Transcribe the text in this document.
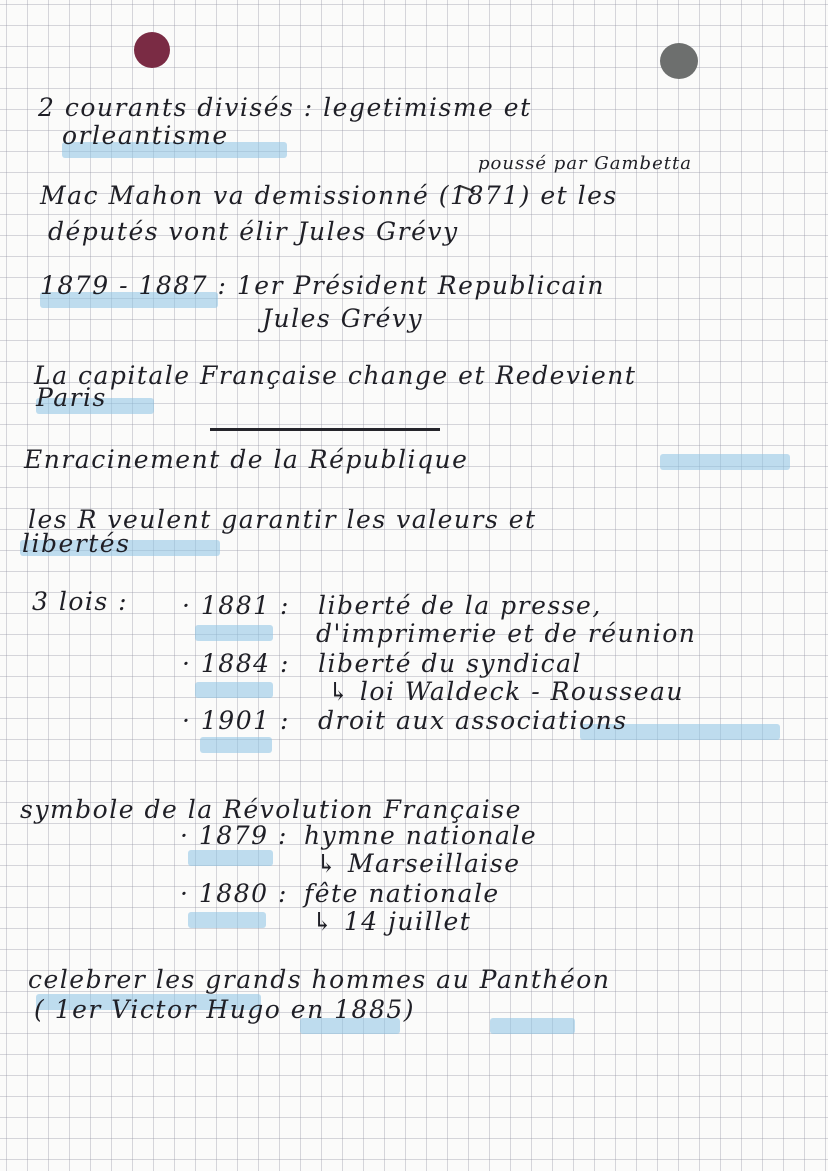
2 courants divisés : legetimisme et
orleantisme
poussé par Gambetta
Mac Mahon va demissionné (1871) et les
députés vont élir Jules Grévy
1879 - 1887 : 1er Président Republicain
Jules Grévy
La capitale Française change et Redevient
Paris
Enracinement de la République
les R veulent garantir les valeurs et
libertés
3 lois : · 1881 : liberté de la presse,
d'imprimerie et de réunion
· 1884 : liberté du syndical
↳ loi Waldeck - Rousseau
· 1901 : droit aux associations
symbole de la Révolution Française
· 1879 : hymne nationale
↳ Marseillaise
· 1880 : fête nationale
↳ 14 juillet
celebrer les grands hommes au Panthéon
( 1er Victor Hugo en 1885)
